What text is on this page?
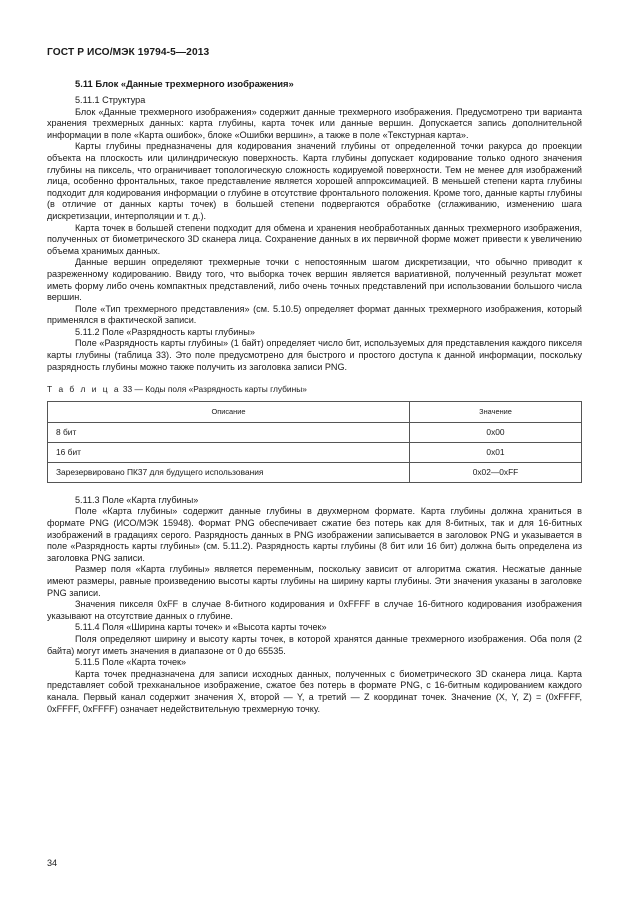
ГОСТ Р ИСО/МЭК 19794-5—2013
5.11 Блок «Данные трехмерного изображения»

5.11.1 Структура

Блок «Данные трехмерного изображения» содержит данные трехмерного изображения. Предусмотрено три варианта хранения трехмерных данных: карта глубины, карта точек или данные вершин. Допускается запись дополнительной информации в поле «Карта ошибок», блоке «Ошибки вершин», а также в поле «Текстурная карта».

Карты глубины предназначены для кодирования значений глубины от определенной точки ракурса до проекции объекта на плоскость или цилиндрическую поверхность. Карта глубины допускает кодирование только одного значения глубины на пиксель, что ограничивает топологическую сложность кодируемой поверхности. Тем не менее для изображений лица, особенно фронтальных, такое представление является хорошей аппроксимацией. В меньшей степени карта глубины подходит для кодирования информации о глубине в отсутствие фронтального положения. Кроме того, данные карты глубины (в отличие от данных карты точек) в большей степени подвергаются обработке (сглаживанию, изменению шага дискретизации, интерполяции и т. д.).

Карта точек в большей степени подходит для обмена и хранения необработанных данных трехмерного изображения, полученных от биометрического 3D сканера лица. Сохранение данных в их первичной форме может привести к увеличению объема хранимых данных.

Данные вершин определяют трехмерные точки с непостоянным шагом дискретизации, что обычно приводит к разреженному кодированию. Ввиду того, что выборка точек вершин является вариативной, полученный результат может иметь форму либо очень компактных представлений, либо очень точных представлений при использовании большого числа вершин.

Поле «Тип трехмерного представления» (см. 5.10.5) определяет формат данных трехмерного изображения, который применялся в фактической записи.

5.11.2 Поле «Разрядность карты глубины»

Поле «Разрядность карты глубины» (1 байт) определяет число бит, используемых для представления каждого пикселя карты глубины (таблица 33). Это поле предусмотрено для быстрого и простого доступа к данной информации, поскольку разрядность глубины можно также получить из заголовка записи PNG.

Т а б л и ц а 33 — Коды поля «Разрядность карты глубины»

Описание	Значение
8 бит	0x00
16 бит	0x01
Зарезервировано ПК37 для будущего использования	0x02—0xFF

5.11.3 Поле «Карта глубины»

Поле «Карта глубины» содержит данные глубины в двухмерном формате. Карта глубины должна храниться в формате PNG (ИСО/МЭК 15948). Формат PNG обеспечивает сжатие без потерь как для 8-битных, так и для 16-битных изображений в градациях серого. Разрядность данных в PNG изображении записывается в заголовок PNG и указывается в поле «Разрядность карты глубины» (см. 5.11.2). Разрядность карты глубины (8 бит или 16 бит) должна быть определена из заголовка PNG записи.

Размер поля «Карта глубины» является переменным, поскольку зависит от алгоритма сжатия. Несжатые данные имеют размеры, равные произведению высоты карты глубины на ширину карты глубины. Эти значения указаны в заголовке PNG записи.

Значения пикселя 0xFF в случае 8-битного кодирования и 0xFFFF в случае 16-битного кодирования изображения указывают на отсутствие данных о глубине.

5.11.4 Поля «Ширина карты точек» и «Высота карты точек»

Поля определяют ширину и высоту карты точек, в которой хранятся данные трехмерного изображения. Оба поля (2 байта) могут иметь значения в диапазоне от 0 до 65535.

5.11.5 Поле «Карта точек»

Карта точек предназначена для записи исходных данных, полученных с биометрического 3D сканера лица. Карта представляет собой трехканальное изображение, сжатое без потерь в формате PNG, с 16-битным кодированием каждого канала. Первый канал содержит значения X, второй — Y, а третий — Z координат точек. Значение (X, Y, Z) = (0xFFFF, 0xFFFF, 0xFFFF) означает недействительную трехмерную точку.

34
